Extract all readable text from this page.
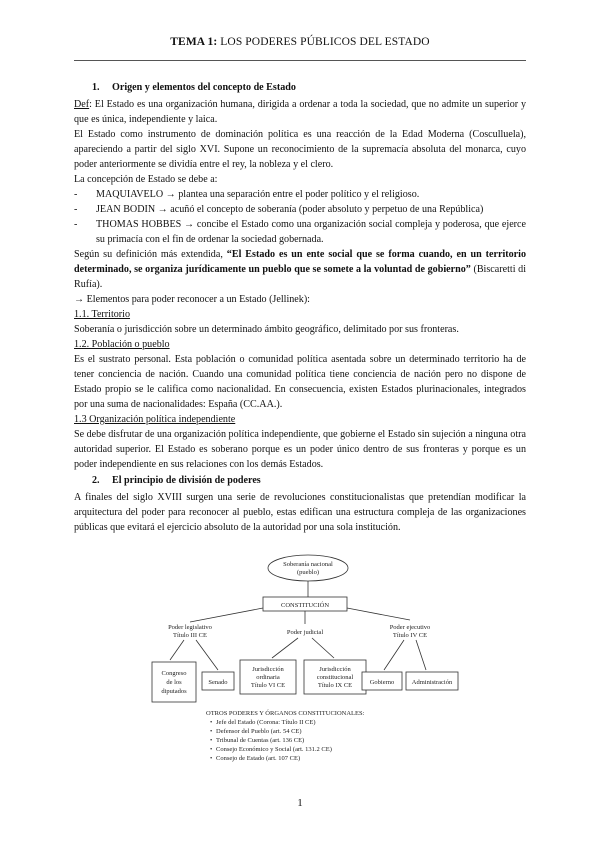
TEMA 1: LOS PODERES PÚBLICOS DEL ESTADO

1. Origen y elementos del concepto de Estado

Def: El Estado es una organización humana, dirigida a ordenar a toda la sociedad, que no admite un superior y que es única, independiente y laica.

El Estado como instrumento de dominación política es una reacción de la Edad Moderna (Cosculluela), apareciendo a partir del siglo XVI. Supone un reconocimiento de la supremacía absoluta del monarca, cuyo poder anteriormente se dividía entre el rey, la nobleza y el clero.

La concepción de Estado se debe a:

- MAQUIAVELO → plantea una separación entre el poder político y el religioso.

- JEAN BODIN → acuñó el concepto de soberanía (poder absoluto y perpetuo de una República)

- THOMAS HOBBES → concibe el Estado como una organización social compleja y poderosa, que ejerce su primacía con el fin de ordenar la sociedad gobernada.

Según su definición más extendida, “El Estado es un ente social que se forma cuando, en un territorio determinado, se organiza jurídicamente un pueblo que se somete a la voluntad de gobierno” (Biscaretti di Rufía).

→ Elementos para poder reconocer a un Estado (Jellinek):

1.1. Territorio

Soberanía o jurisdicción sobre un determinado ámbito geográfico, delimitado por sus fronteras.

1.2. Población o pueblo

Es el sustrato personal. Esta población o comunidad política asentada sobre un determinado territorio ha de tener conciencia de nación. Cuando una comunidad política tiene conciencia de nación pero no dispone de Estado propio se le califica como nacionalidad. En consecuencia, existen Estados plurinacionales, integrados por una suma de nacionalidades: España (CC.AA.).

1.3 Organización política independiente

Se debe disfrutar de una organización política independiente, que gobierne el Estado sin sujeción a ninguna otra autoridad superior. El Estado es soberano porque es un poder único dentro de sus fronteras y porque es un poder independiente en sus relaciones con los demás Estados.

2. El principio de división de poderes

A finales del siglo XVIII surgen una serie de revoluciones constitucionalistas que pretendían modificar la arquitectura del poder para reconocer al pueblo, estas edifican una estructura compleja de las organizaciones públicas que evitará el ejercicio absoluto de la autoridad por una sola institución.

Soberanía nacional
(pueblo)
CONSTITUCIÓN
Poder legislativo
Título III CE	Poder judicial
Poder ejecutivo
Título IV CE
Congreso
de los
diputados
Senado
Jurisdicción
ordinaria
Título VI CE
Jurisdicción
constitucional
Título IX CE	Gobierno	Administración
OTROS PODERES Y ÓRGANOS CONSTITUCIONALES:
• Jefe del Estado (Corona: Título II CE)
• Defensor del Pueblo (art. 54 CE)
• Tribunal de Cuentas (art. 136 CE)
• Consejo Económico y Social (art. 131.2 CE)
• Consejo de Estado (art. 107 CE)
1
